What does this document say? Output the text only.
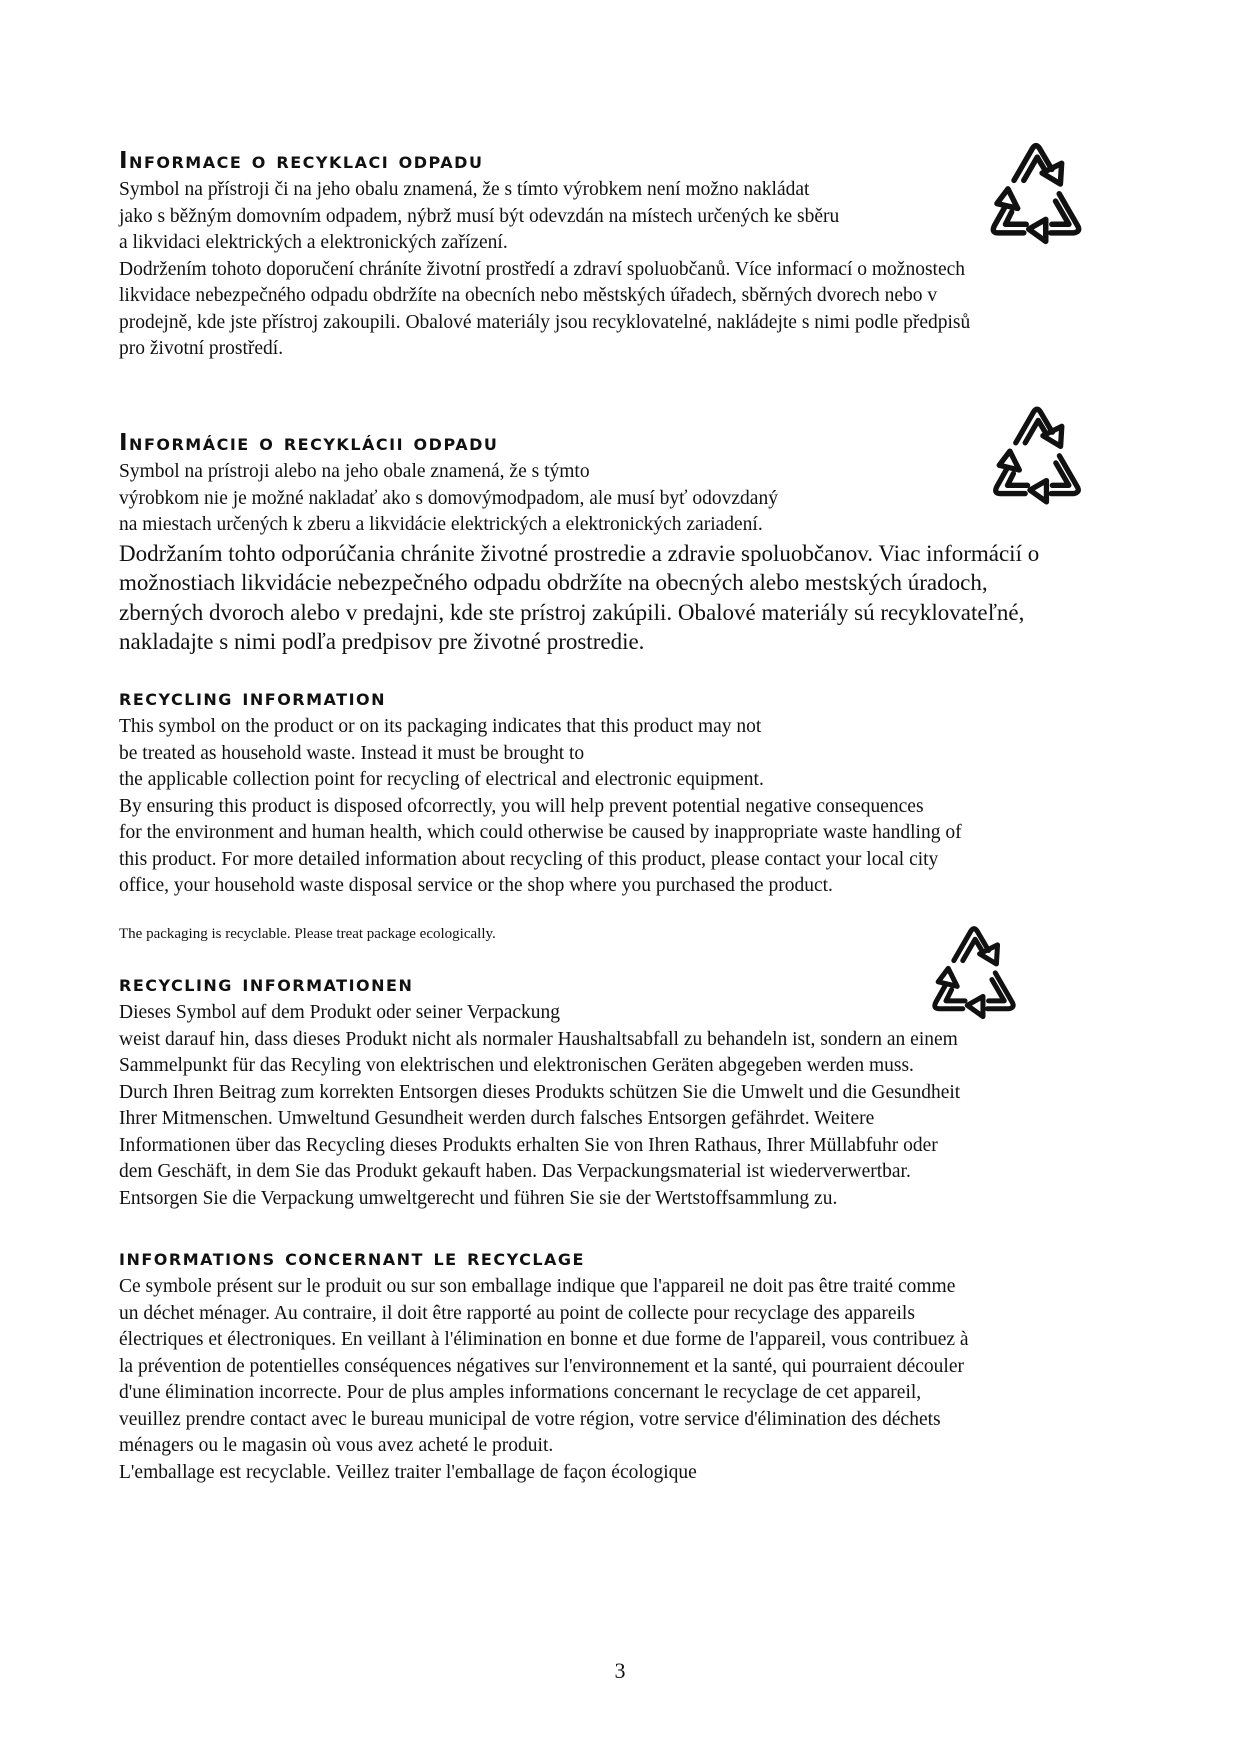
Informace o recyklaci odpadu
Symbol na přístroji či na jeho obalu znamená, že s tímto výrobkem není možno nakládat
jako s běžným domovním odpadem, nýbrž musí být odevzdán na místech určených ke sběru
a likvidaci elektrických a elektronických zařízení.
Dodržením tohoto doporučení chráníte životní prostředí a zdraví spoluobčanů. Více informací o možnostech
likvidace nebezpečného odpadu obdržíte na obecních nebo městských úřadech, sběrných dvorech nebo v
prodejně, kde jste přístroj zakoupili. Obalové materiály jsou recyklovatelné, nakládejte s nimi podle předpisů
pro životní prostředí.
Informácie o recyklácii odpadu
Symbol na prístroji alebo na jeho obale znamená, že s týmto
výrobkom nie je možné nakladať ako s domovýmodpadom, ale musí byť odovzdaný
na miestach určených k zberu a likvidácie elektrických a elektronických zariadení.
Dodržaním tohto odporúčania chránite životné prostredie a zdravie spoluobčanov. Viac informácií o
možnostiach likvidácie nebezpečného odpadu obdržíte na obecných alebo mestských úradoch,
zberných dvoroch alebo v predajni, kde ste prístroj zakúpili. Obalové materiály sú recyklovateľné,
nakladajte s nimi podľa predpisov pre životné prostredie.
recycling information
This symbol on the product or on its packaging indicates that this product may not
be treated as household waste. Instead it must be brought to
the applicable collection point for recycling of electrical and electronic equipment.
By ensuring this product is disposed ofcorrectly, you will help prevent potential negative consequences
for the environment and human health, which could otherwise be caused by inappropriate waste handling of
this product. For more detailed information about recycling of this product, please contact your local city
office, your household waste disposal service or the shop where you purchased the product.
The packaging is recyclable. Please treat package ecologically.
recycling informationen
Dieses Symbol auf dem Produkt oder seiner Verpackung
weist darauf hin, dass dieses Produkt nicht als normaler Haushaltsabfall zu behandeln ist, sondern an einem
Sammelpunkt für das Recyling von elektrischen und elektronischen Geräten abgegeben werden muss.
Durch Ihren Beitrag zum korrekten Entsorgen dieses Produkts schützen Sie die Umwelt und die Gesundheit
Ihrer Mitmenschen. Umweltund Gesundheit werden durch falsches Entsorgen gefährdet. Weitere
Informationen über das Recycling dieses Produkts erhalten Sie von Ihren Rathaus, Ihrer Müllabfuhr oder
dem Geschäft, in dem Sie das Produkt gekauft haben. Das Verpackungsmaterial ist wiederverwertbar.
Entsorgen Sie die Verpackung umweltgerecht und führen Sie sie der Wertstoffsammlung zu.
informations concernant le recyclage
Ce symbole présent sur le produit ou sur son emballage indique que l'appareil ne doit pas être traité comme
un déchet ménager. Au contraire, il doit être rapporté au point de collecte pour recyclage des appareils
électriques et électroniques. En veillant à l'élimination en bonne et due forme de l'appareil, vous contribuez à
la prévention de potentielles conséquences négatives sur l'environnement et la santé, qui pourraient découler
d'une élimination incorrecte. Pour de plus amples informations concernant le recyclage de cet appareil,
veuillez prendre contact avec le bureau municipal de votre région, votre service d'élimination des déchets
ménagers ou le magasin où vous avez acheté le produit.
L'emballage est recyclable. Veillez traiter l'emballage de façon écologique
3
